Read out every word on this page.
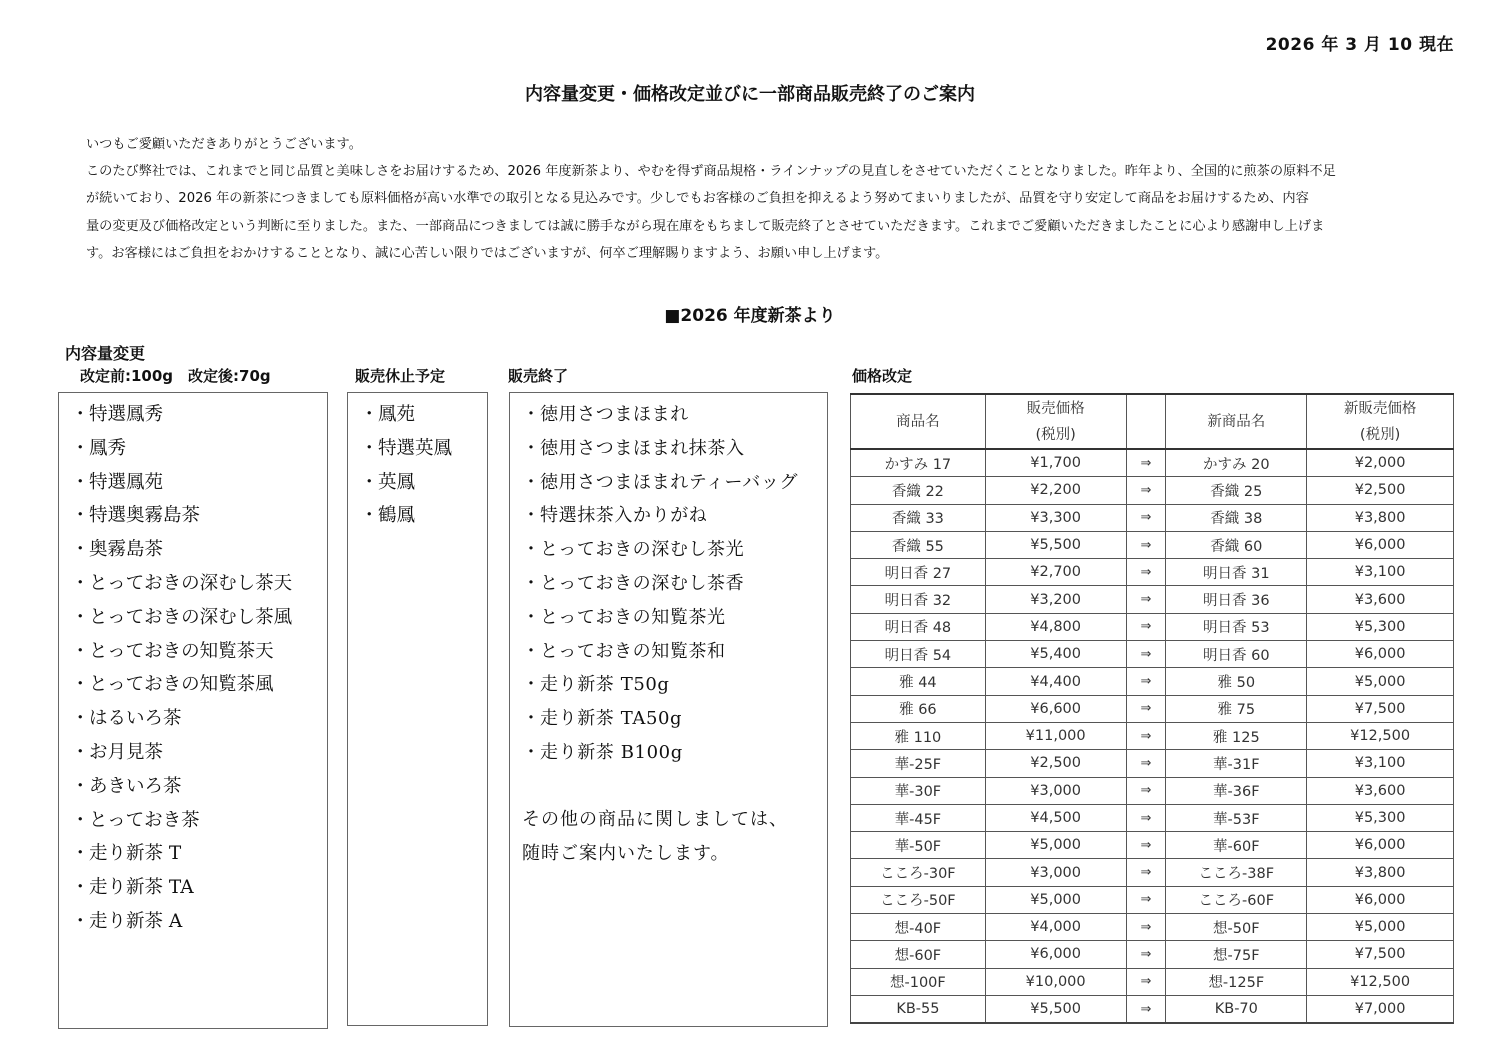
2026 年 3 月 10 現在
内容量変更・価格改定並びに一部商品販売終了のご案内

いつもご愛顧いただきありがとうございます。

このたび弊社では、これまでと同じ品質と美味しさをお届けするため、2026 年度新茶より、やむを得ず商品規格・ラインナップの見直しをさせていただくこととなりました。昨年より、全国的に煎茶の原料不足

が続いており、2026 年の新茶につきましても原料価格が高い水準での取引となる見込みです。少しでもお客様のご負担を抑えるよう努めてまいりましたが、品質を守り安定して商品をお届けするため、内容

量の変更及び価格改定という判断に至りました。また、一部商品につきましては誠に勝手ながら現在庫をもちまして販売終了とさせていただきます。これまでご愛顧いただきましたことに心より感謝申し上げま

す。お客様にはご負担をおかけすることとなり、誠に心苦しい限りではございますが、何卒ご理解賜りますよう、お願い申し上げます。

■2026 年度新茶より
内容量変更
改定前:100g　改定後:70g	販売休止予定	販売終了	価格改定
・特選鳳秀
・鳳秀
・特選鳳苑
・特選奥霧島茶
・奥霧島茶
・とっておきの深むし茶天
・とっておきの深むし茶風
・とっておきの知覧茶天
・とっておきの知覧茶風
・はるいろ茶
・お月見茶
・あきいろ茶
・とっておき茶
・走り新茶 T
・走り新茶 TA
・走り新茶 A
・鳳苑
・特選英鳳
・英鳳
・鶴鳳
・徳用さつまほまれ
・徳用さつまほまれ抹茶入
・徳用さつまほまれティーバッグ
・特選抹茶入かりがね
・とっておきの深むし茶光
・とっておきの深むし茶香
・とっておきの知覧茶光
・とっておきの知覧茶和
・走り新茶 T50g
・走り新茶 TA50g
・走り新茶 B100g

その他の商品に関しましては、

随時ご案内いたします。

商品名	販売価格
(税別)		新商品名	新販売価格
(税別)
かすみ 17	¥1,700	⇒	かすみ 20	¥2,000
香織 22	¥2,200	⇒	香織 25	¥2,500
香織 33	¥3,300	⇒	香織 38	¥3,800
香織 55	¥5,500	⇒	香織 60	¥6,000
明日香 27	¥2,700	⇒	明日香 31	¥3,100
明日香 32	¥3,200	⇒	明日香 36	¥3,600
明日香 48	¥4,800	⇒	明日香 53	¥5,300
明日香 54	¥5,400	⇒	明日香 60	¥6,000
雅 44	¥4,400	⇒	雅 50	¥5,000
雅 66	¥6,600	⇒	雅 75	¥7,500
雅 110	¥11,000	⇒	雅 125	¥12,500
華-25F	¥2,500	⇒	華-31F	¥3,100
華-30F	¥3,000	⇒	華-36F	¥3,600
華-45F	¥4,500	⇒	華-53F	¥5,300
華-50F	¥5,000	⇒	華-60F	¥6,000
こころ-30F	¥3,000	⇒	こころ-38F	¥3,800
こころ-50F	¥5,000	⇒	こころ-60F	¥6,000
想-40F	¥4,000	⇒	想-50F	¥5,000
想-60F	¥6,000	⇒	想-75F	¥7,500
想-100F	¥10,000	⇒	想-125F	¥12,500
KB-55	¥5,500	⇒	KB-70	¥7,000
